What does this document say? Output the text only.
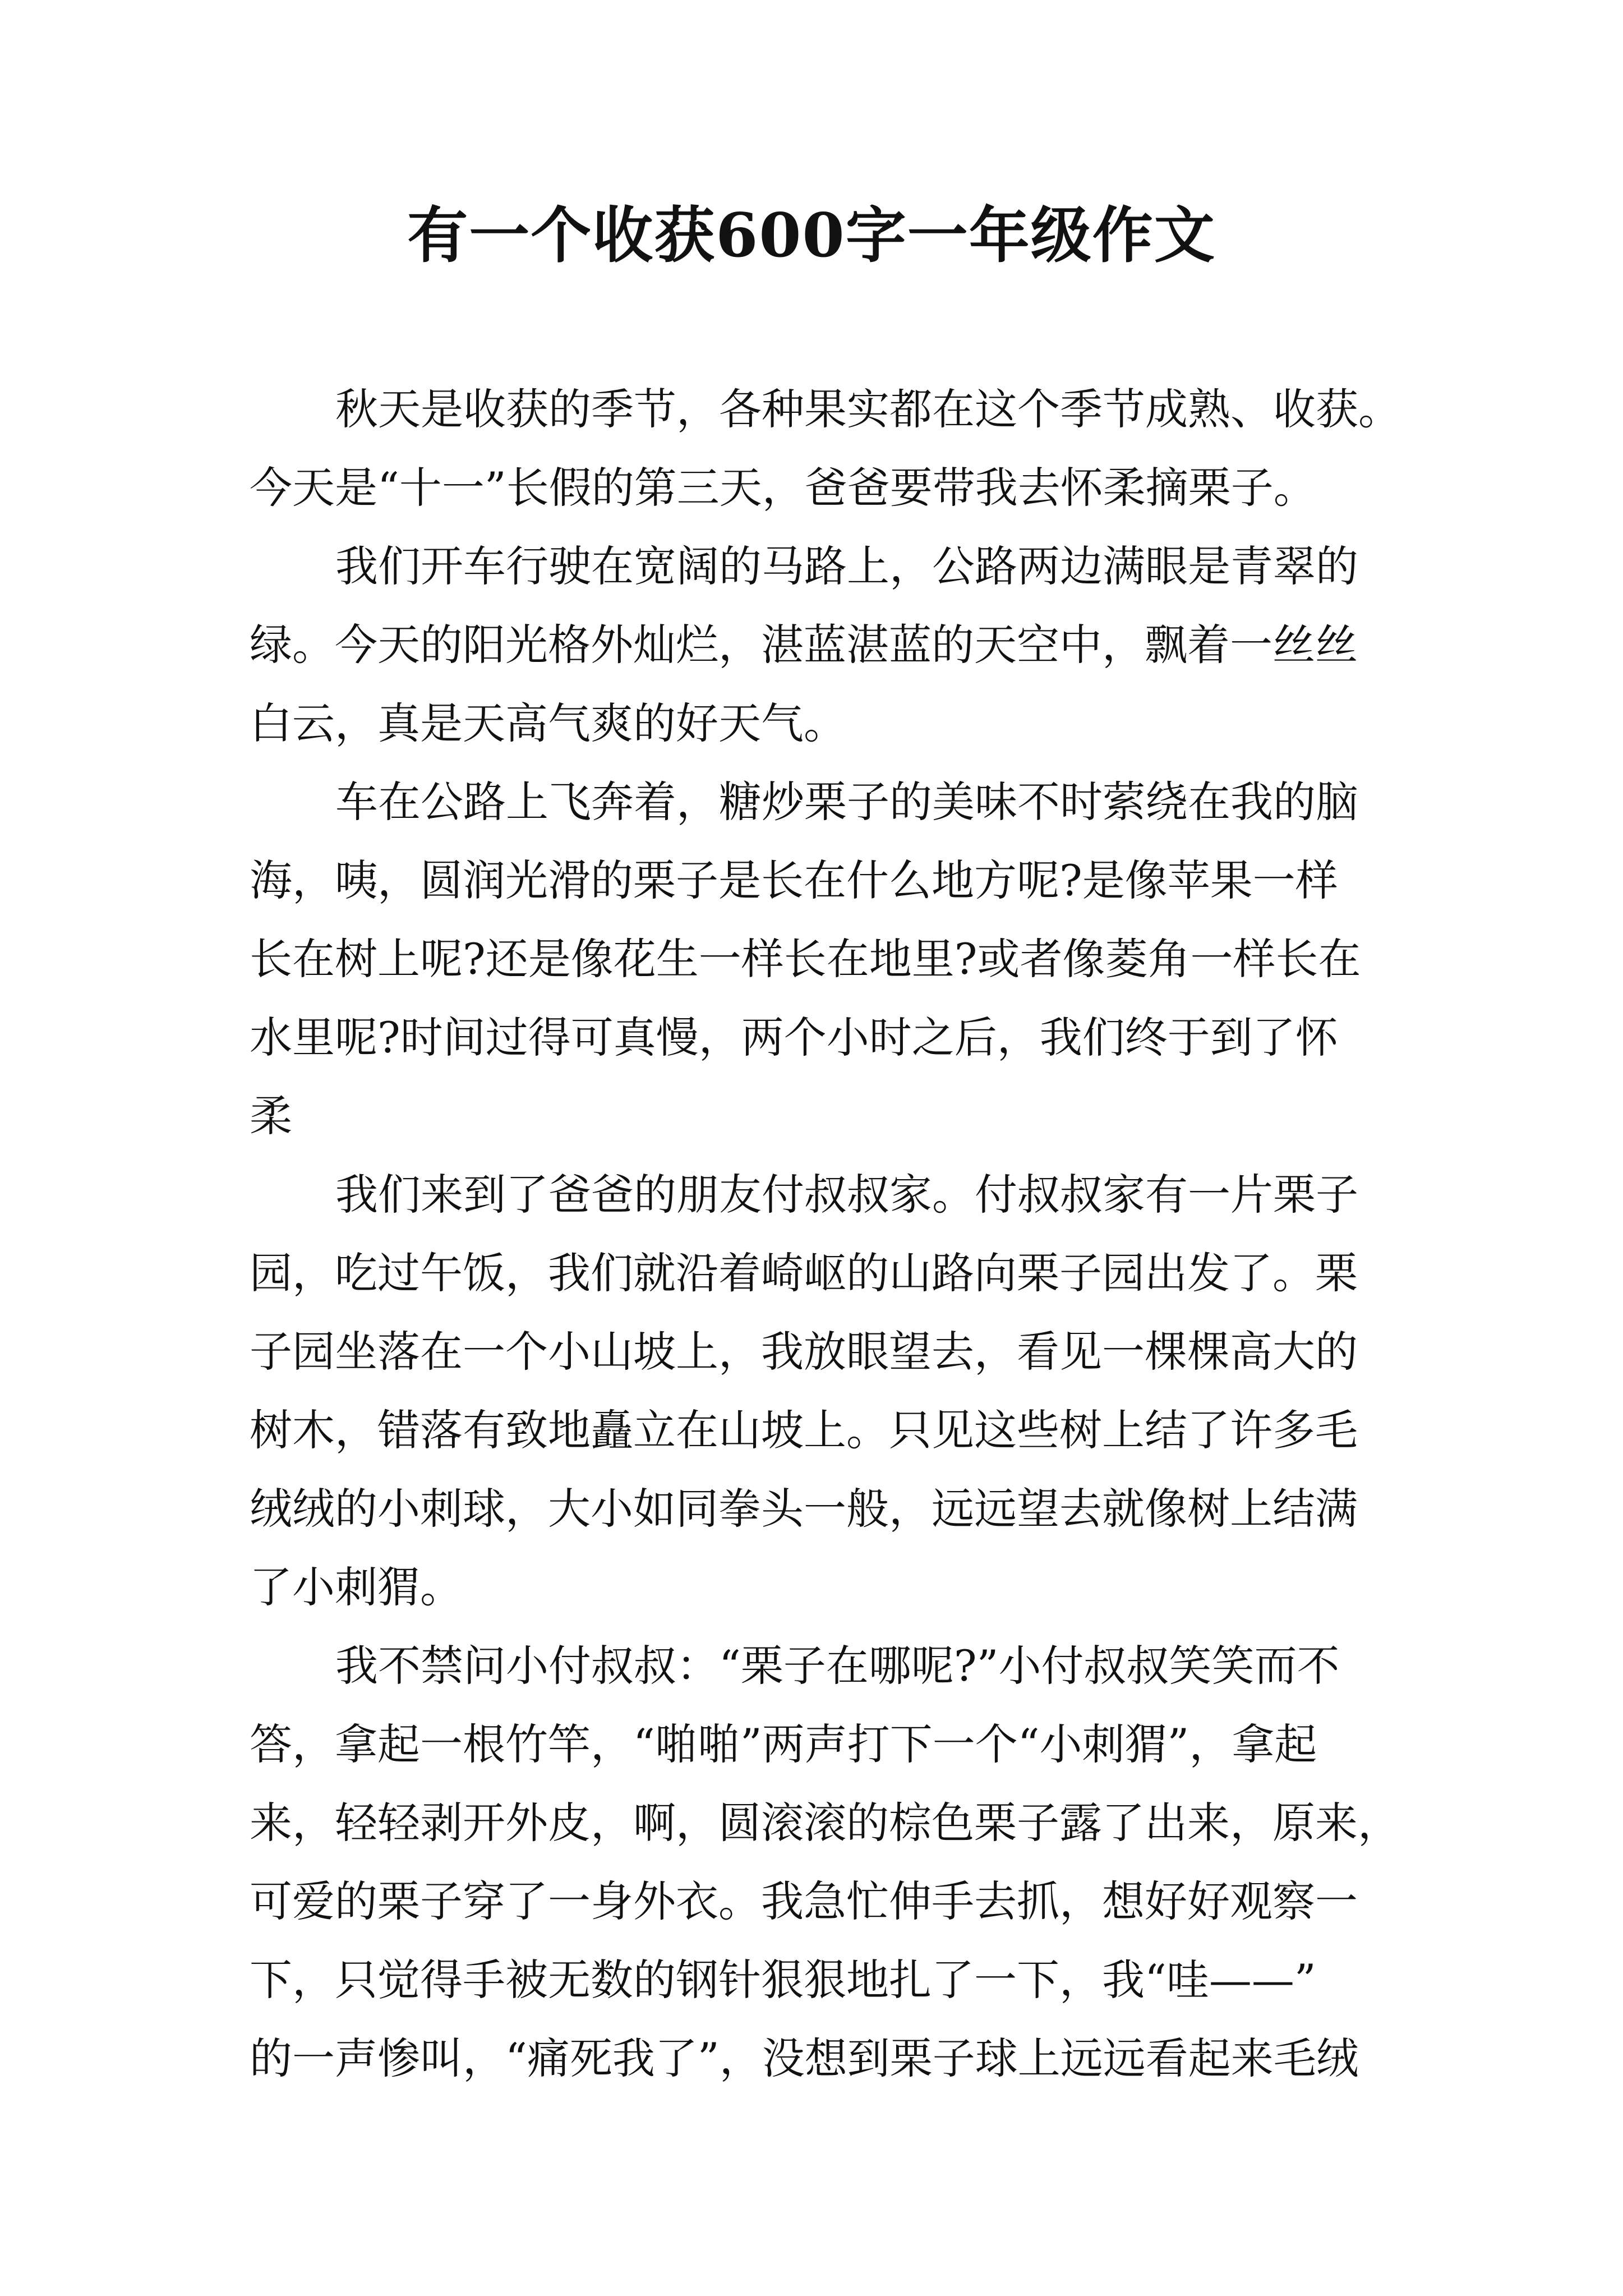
有一个收获600字一年级作文
秋天是收获的季节，各种果实都在这个季节成熟、收获。
今天是“十一”长假的第三天，爸爸要带我去怀柔摘栗子。
我们开车行驶在宽阔的马路上，公路两边满眼是青翠的
绿。今天的阳光格外灿烂，湛蓝湛蓝的天空中，飘着一丝丝
白云，真是天高气爽的好天气。
车在公路上飞奔着，糖炒栗子的美味不时萦绕在我的脑
海，咦，圆润光滑的栗子是长在什么地方呢?是像苹果一样
长在树上呢?还是像花生一样长在地里?或者像菱角一样长在
水里呢?时间过得可真慢，两个小时之后，我们终于到了怀
柔
我们来到了爸爸的朋友付叔叔家。付叔叔家有一片栗子
园，吃过午饭，我们就沿着崎岖的山路向栗子园出发了。栗
子园坐落在一个小山坡上，我放眼望去，看见一棵棵高大的
树木，错落有致地矗立在山坡上。只见这些树上结了许多毛
绒绒的小刺球，大小如同拳头一般，远远望去就像树上结满
了小刺猬。
我不禁问小付叔叔：“栗子在哪呢?”小付叔叔笑笑而不
答，拿起一根竹竿，“啪啪”两声打下一个“小刺猬”，拿起
来，轻轻剥开外皮，啊，圆滚滚的棕色栗子露了出来，原来，
可爱的栗子穿了一身外衣。我急忙伸手去抓，想好好观察一
下，只觉得手被无数的钢针狠狠地扎了一下，我“哇——”
的一声惨叫，“痛死我了”，没想到栗子球上远远看起来毛绒
